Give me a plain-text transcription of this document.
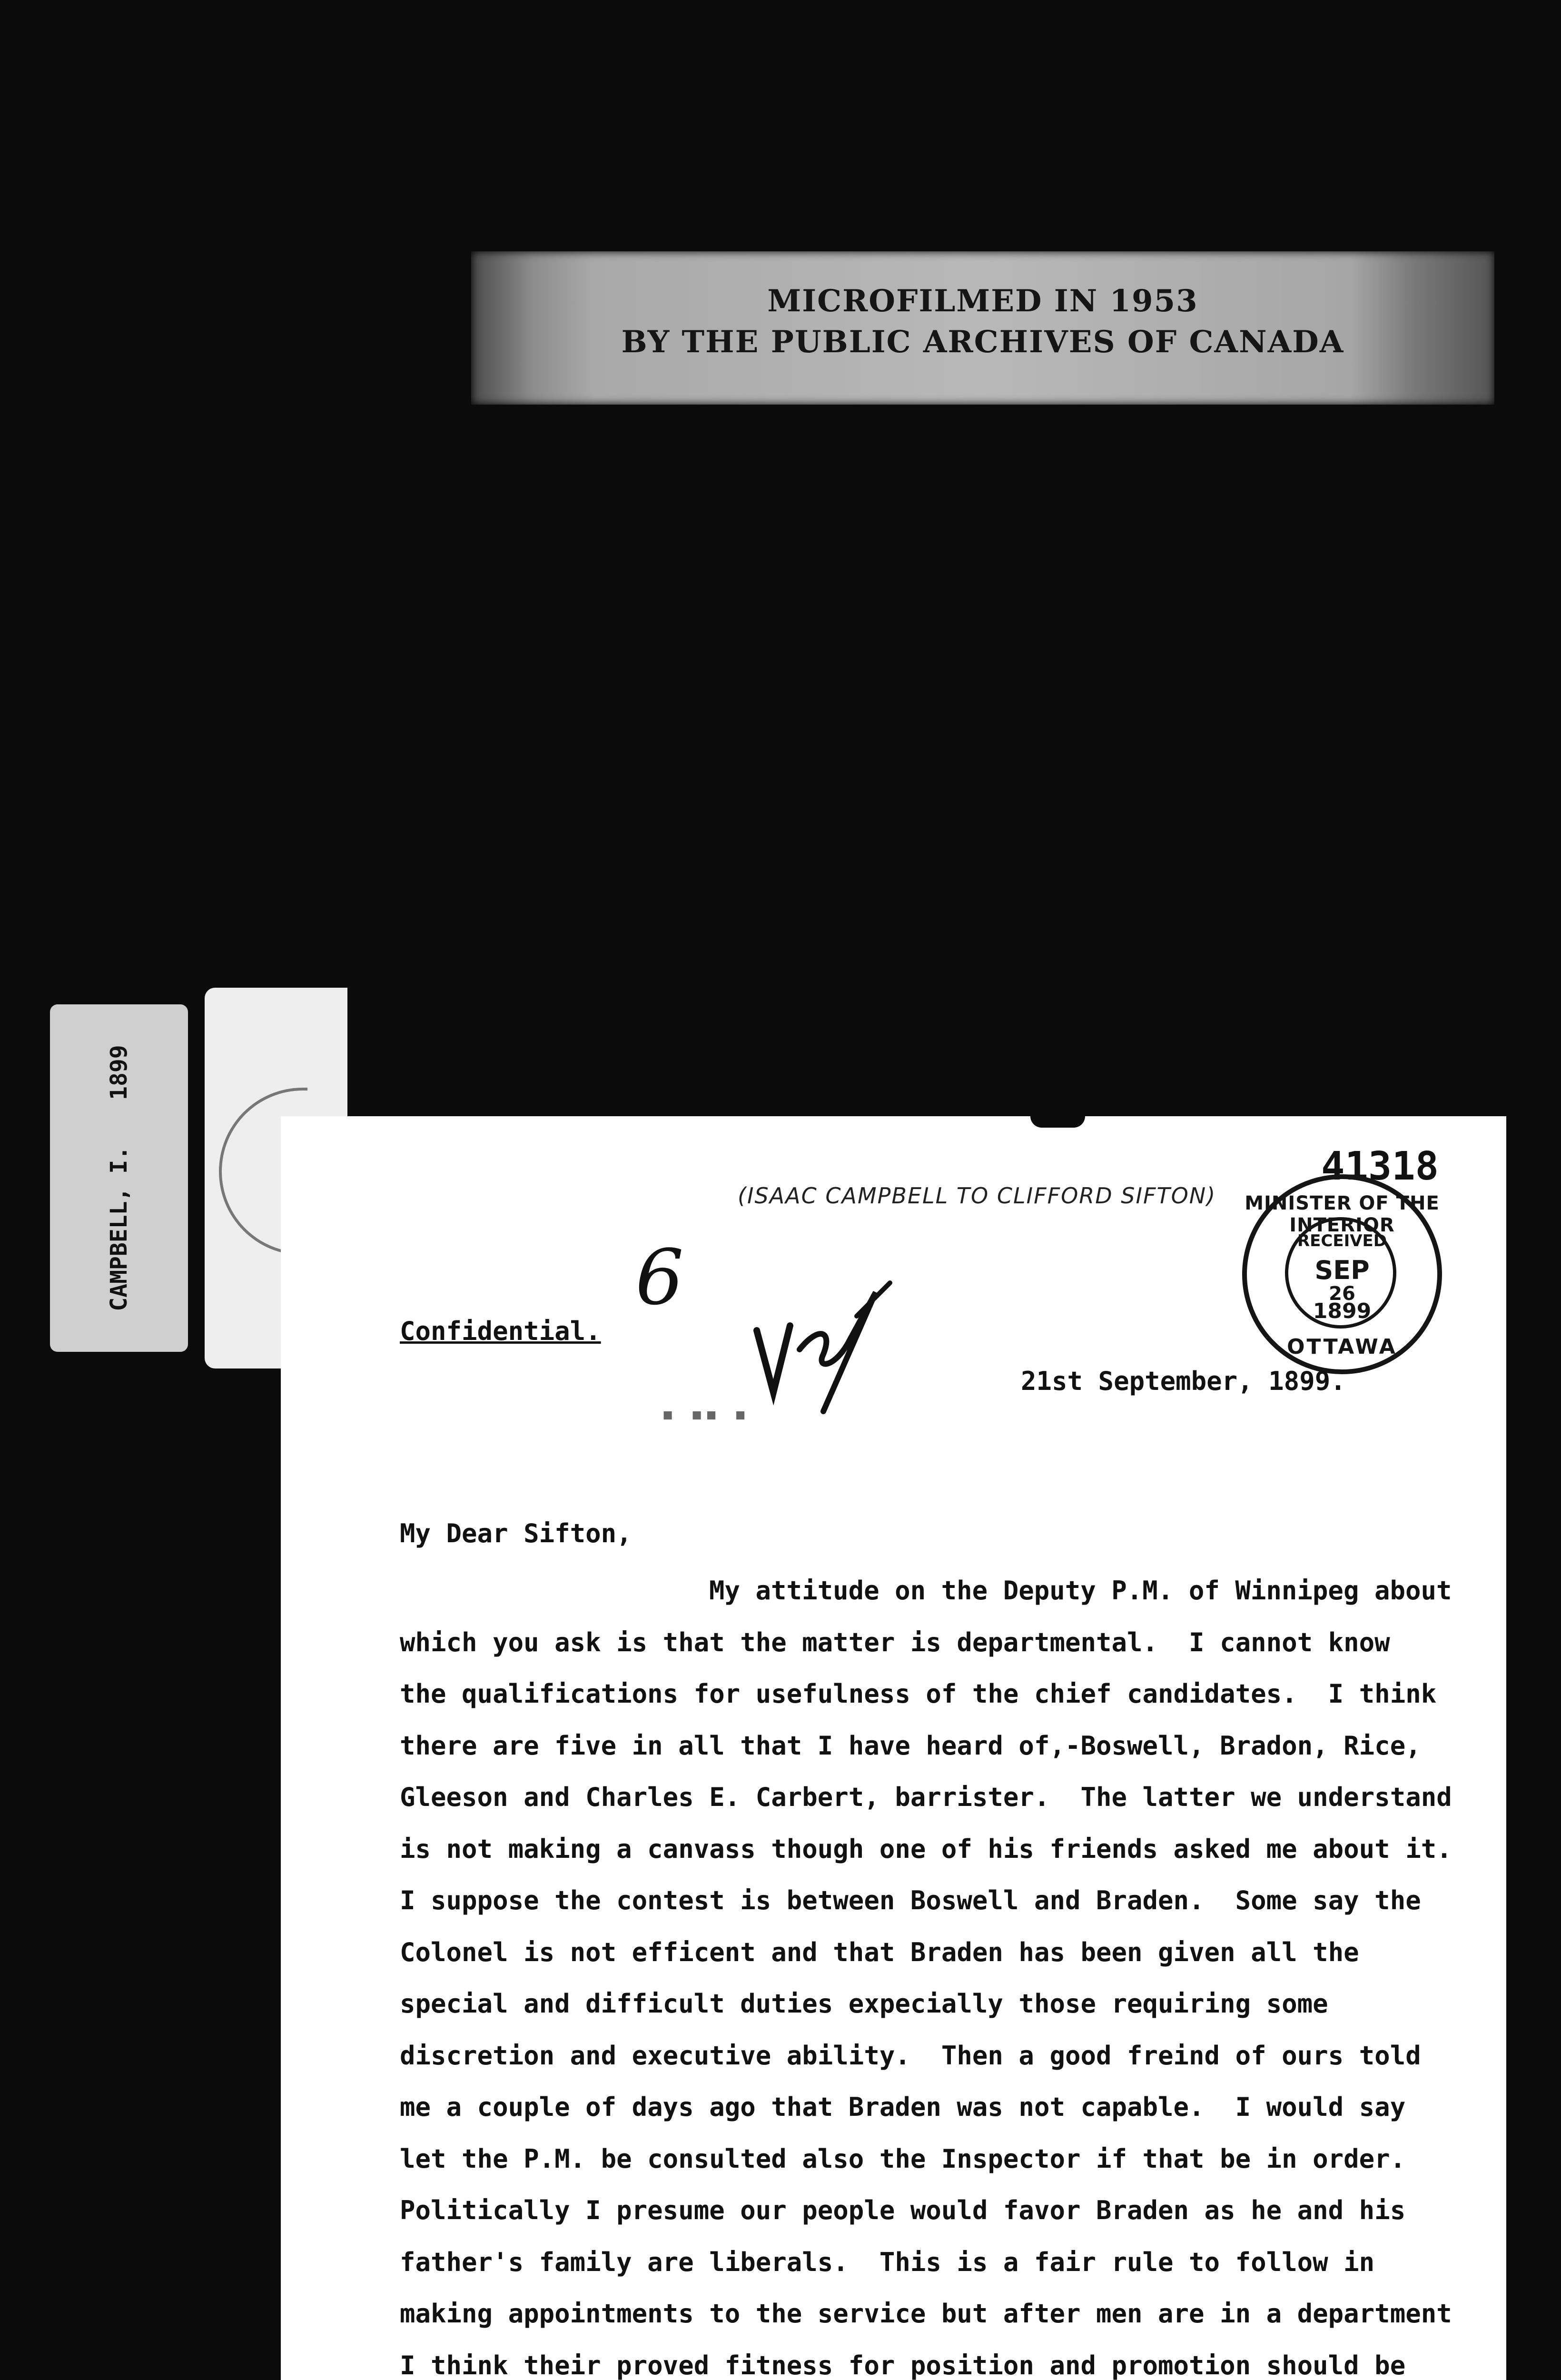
MICROFILMED IN 1953
BY THE PUBLIC ARCHIVES OF CANADA
CAMPBELL, I. 1899
41318
(ISAAC CAMPBELL TO CLIFFORD SIFTON)
6
▪ ▪▪ ▪
MINISTER OF THE INTERIOR
RECEIVED
SEP
26
1899
OTTAWA
Confidential.
21st September, 1899.
My Dear Sifton,
My attitude on the Deputy P.M. of Winnipeg about
which you ask is that the matter is departmental.  I cannot know
the qualifications for usefulness of the chief candidates.  I think
there are five in all that I have heard of,-Boswell, Bradon, Rice,
Gleeson and Charles E. Carbert, barrister.  The latter we understand
is not making a canvass though one of his friends asked me about it.
I suppose the contest is between Boswell and Braden.  Some say the
Colonel is not efficent and that Braden has been given all the
special and difficult duties expecially those requiring some
discretion and executive ability.  Then a good freind of ours told
me a couple of days ago that Braden was not capable.  I would say
let the P.M. be consulted also the Inspector if that be in order.
Politically I presume our people would favor Braden as he and his
father's family are liberals.  This is a fair rule to follow in
making appointments to the service but after men are in a department
I think their proved fitness for position and promotion should be
